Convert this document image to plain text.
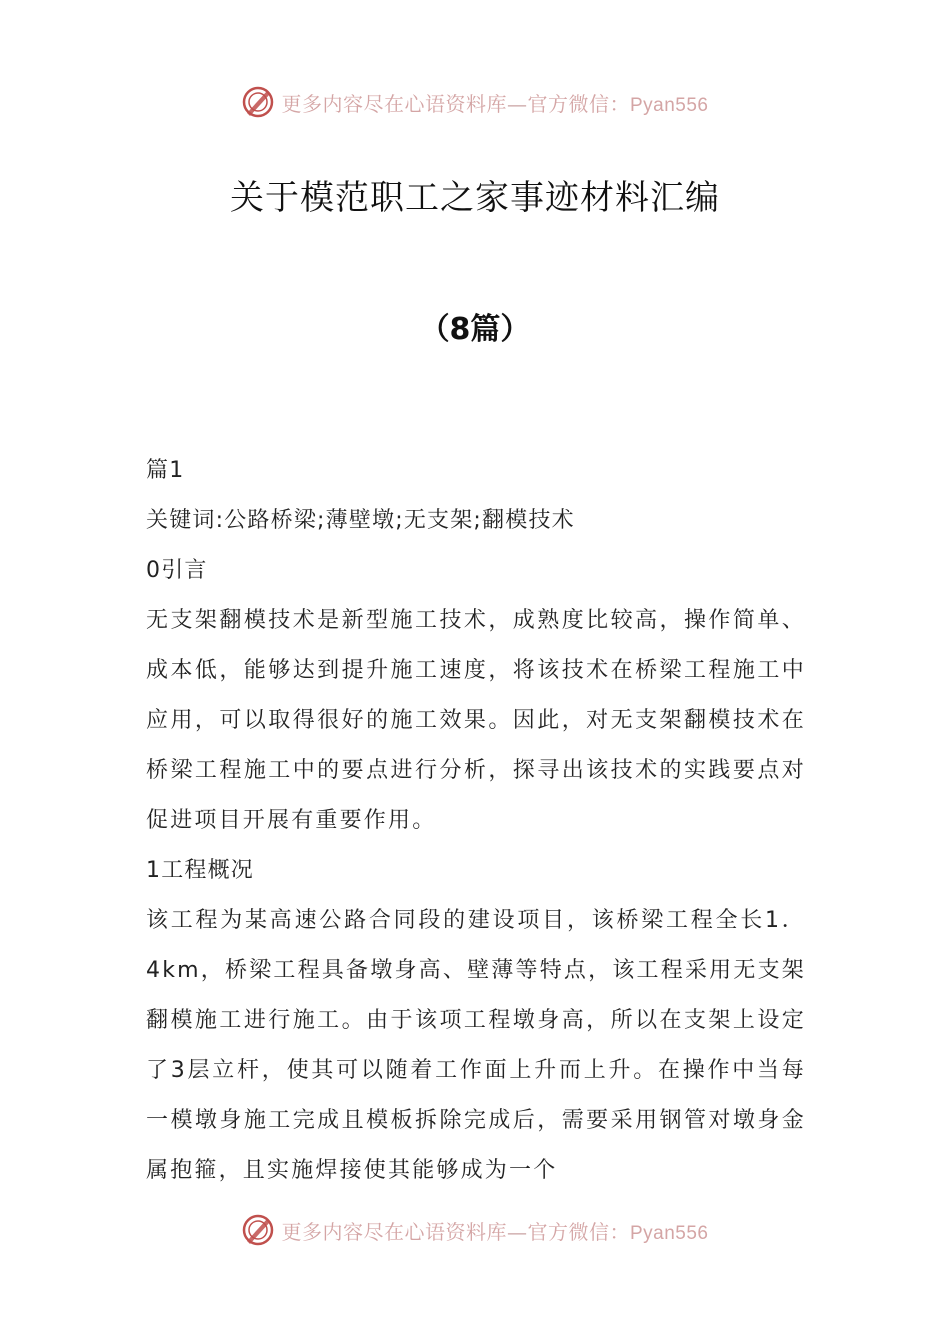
更多内容尽在心语资料库—官方微信：Pyan556
关于模范职工之家事迹材料汇编
（8篇）

篇1

关键词:公路桥梁;薄壁墩;无支架;翻模技术

0引言

无支架翻模技术是新型施工技术，成熟度比较高，操作简单、成本低，能够达到提升施工速度，将该技术在桥梁工程施工中应用，可以取得很好的施工效果。因此，对无支架翻模技术在桥梁工程施工中的要点进行分析，探寻出该技术的实践要点对促进项目开展有重要作用。

1工程概况

该工程为某高速公路合同段的建设项目，该桥梁工程全长1．4km，桥梁工程具备墩身高、壁薄等特点，该工程采用无支架翻模施工进行施工。由于该项工程墩身高，所以在支架上设定了3层立杆，使其可以随着工作面上升而上升。在操作中当每一模墩身施工完成且模板拆除完成后，需要采用钢管对墩身金属抱箍，且实施焊接使其能够成为一个

更多内容尽在心语资料库—官方微信：Pyan556
